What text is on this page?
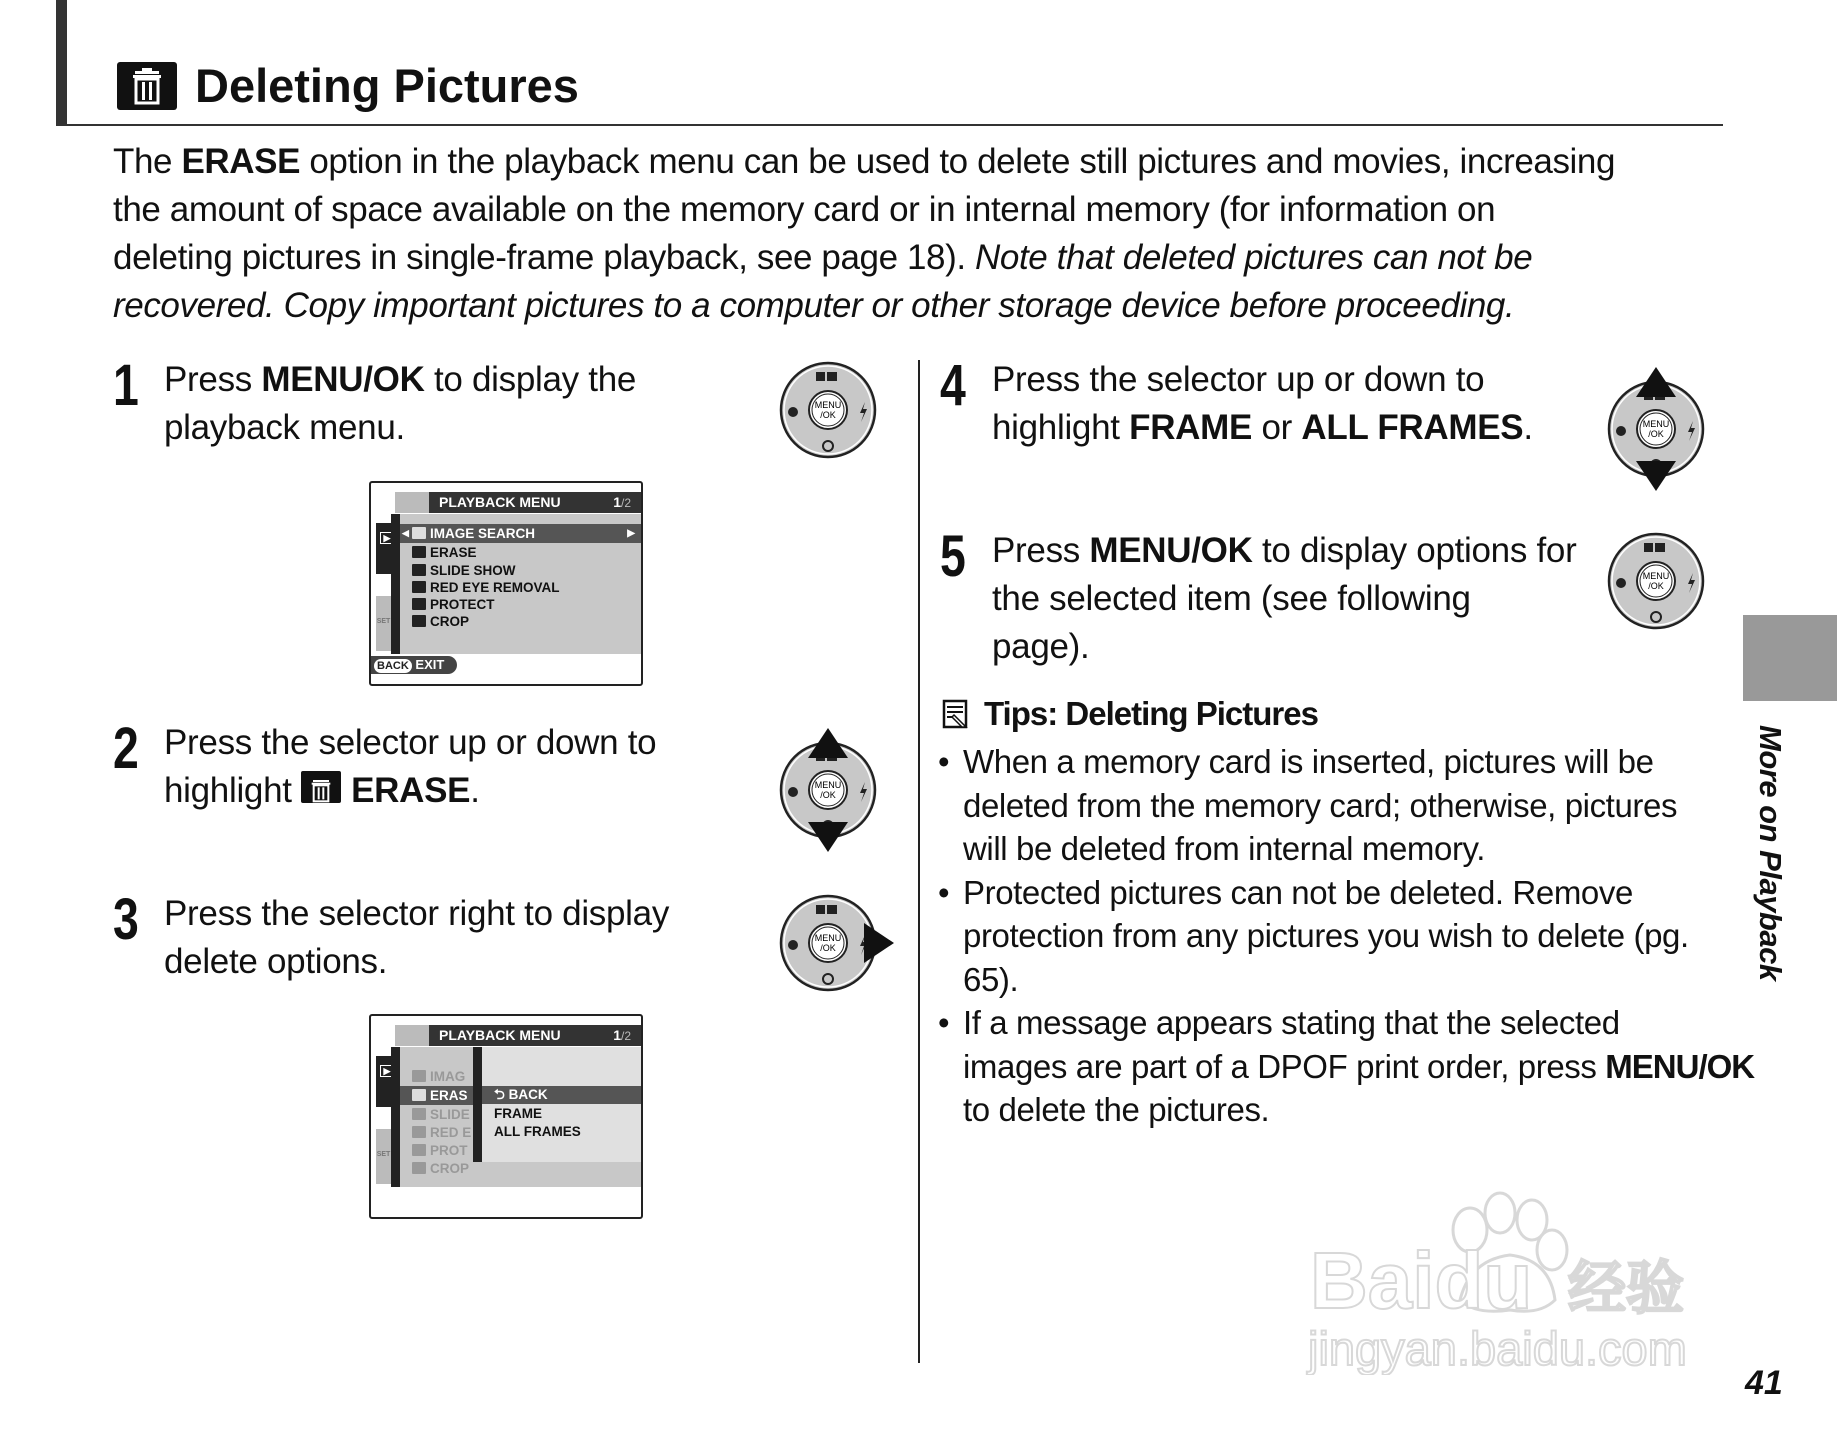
Deleting Pictures
The ERASE option in the playback menu can be used to delete still pictures and movies, increasing
the amount of space available on the memory card or in internal memory (for information on
deleting pictures in single-frame playback, see page 18). Note that deleted pictures can not be
recovered. Copy important pictures to a computer or other storage device before proceeding.
1 Press MENU/OK to display the
playback menu.
MENU
/OK
PLAYBACK MENU	1/2
▶
SET
IMAGE SEARCH	▶
◀
ERASE
SLIDE SHOW
RED EYE REMOVAL
PROTECT
CROP
BACK EXIT
2 Press the selector up or down to
highlight ERASE.	MENU
/OK
3 Press the selector right to display
delete options.
MENU
/OK
PLAYBACK MENU	1/2
▶
SET
IMAG
ERAS
SLIDE
RED E
PROT
CROP
⮌ BACK
FRAME
ALL FRAMES
4 Press the selector up or down to
highlight FRAME or ALL FRAMES.	MENU
/OK
5 Press MENU/OK to display options for
the selected item (see following
page).
MENU
/OK
Tips: Deleting Pictures
• When a memory card is inserted, pictures will be
deleted from the memory card; otherwise, pictures
will be deleted from internal memory.
• Protected pictures can not be deleted. Remove
protection from any pictures you wish to delete (pg.
65).
• If a message appears stating that the selected
images are part of a DPOF print order, press MENU/OK
to delete the pictures.
More on Playback
Baidu 经验
jingyan.baidu.com
41
